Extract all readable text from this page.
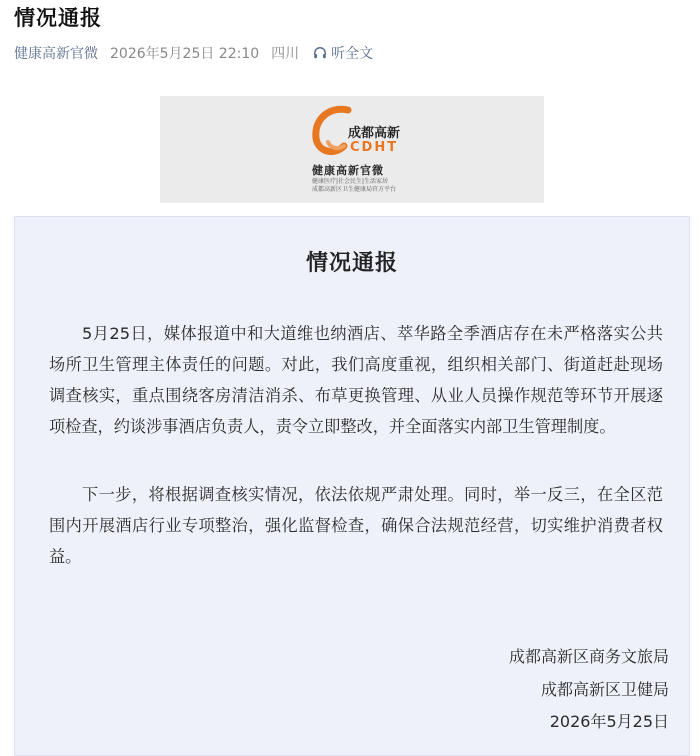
情况通报
健康高新官微 2026年5月25日 22:10 四川 听全文
成都高新
CDHT
健康高新官微
健康医疗|社会民生|生活家居
成都高新区卫生健康局官方平台
情况通报

5月25日，媒体报道中和大道维也纳酒店、萃华路全季酒店存在未严格落实公共场所卫生管理主体责任的问题。对此，我们高度重视，组织相关部门、街道赶赴现场调查核实，重点围绕客房清洁消杀、布草更换管理、从业人员操作规范等环节开展逐项检查，约谈涉事酒店负责人，责令立即整改，并全面落实内部卫生管理制度。

下一步，将根据调查核实情况，依法依规严肃处理。同时，举一反三，在全区范围内开展酒店行业专项整治，强化监督检查，确保合法规范经营，切实维护消费者权益。

成都高新区商务文旅局
成都高新区卫健局
2026年5月25日
